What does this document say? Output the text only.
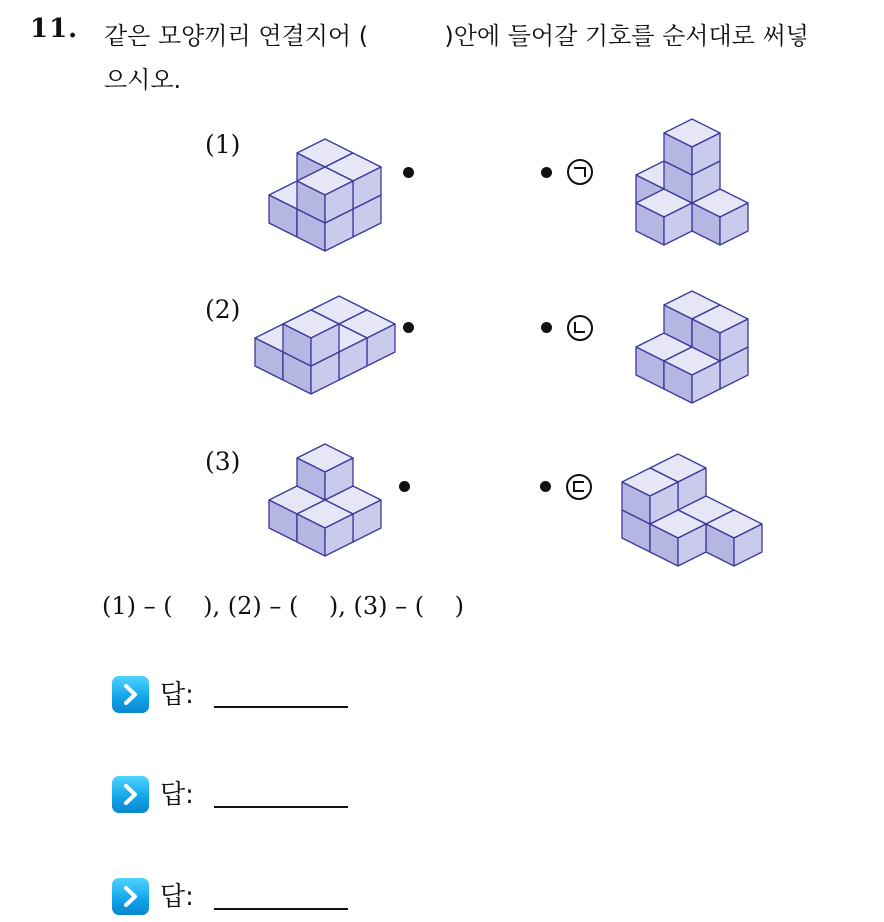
11. 같은 모양끼리 연결지어 (          )안에 들어갈 기호를 순서대로 써넣
으시오.
(1)
(2)
(3)
(1) – (    ), (2) – (    ), (3) – (    )
답:
답:
답:
